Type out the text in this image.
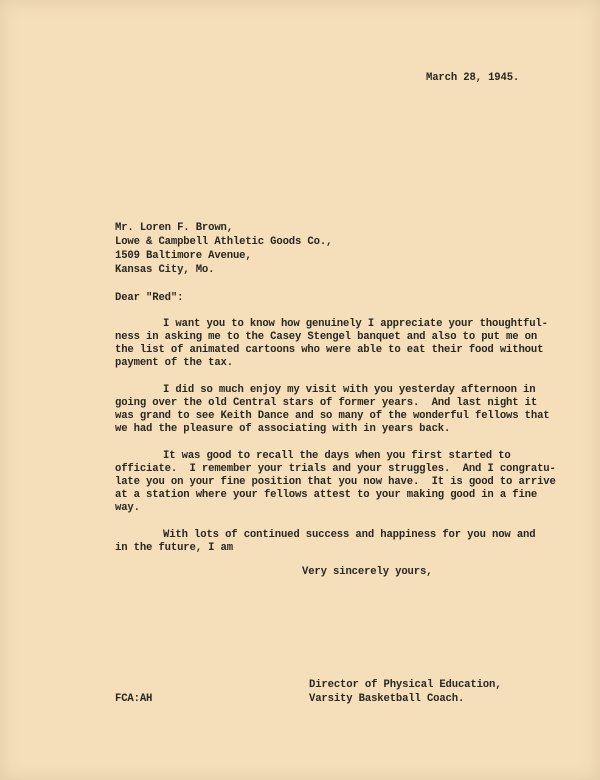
March 28, 1945.
Mr. Loren F. Brown,
Lowe & Campbell Athletic Goods Co.,
1509 Baltimore Avenue,
Kansas City, Mo.
Dear "Red":
I want you to know how genuinely I appreciate your thoughtful-
ness in asking me to the Casey Stengel banquet and also to put me on
the list of animated cartoons who were able to eat their food without
payment of the tax.
I did so much enjoy my visit with you yesterday afternoon in
going over the old Central stars of former years.  And last night it
was grand to see Keith Dance and so many of the wonderful fellows that
we had the pleasure of associating with in years back.
It was good to recall the days when you first started to
officiate.  I remember your trials and your struggles.  And I congratu-
late you on your fine position that you now have.  It is good to arrive
at a station where your fellows attest to your making good in a fine
way.
With lots of continued success and happiness for you now and
in the future, I am
Very sincerely yours,
Director of Physical Education,
Varsity Basketball Coach.
FCA:AH
